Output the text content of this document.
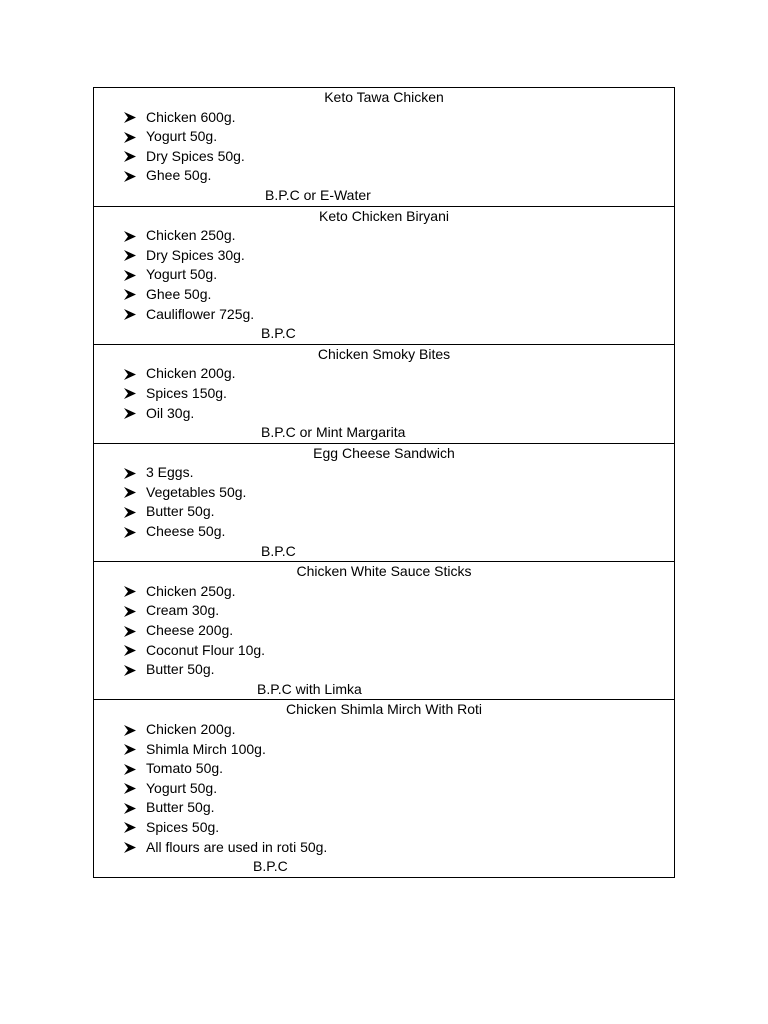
Keto Tawa Chicken
Chicken 600g.
Yogurt 50g.
Dry Spices 50g.
Ghee 50g.
B.P.C or E-Water
Keto Chicken Biryani
Chicken 250g.
Dry Spices 30g.
Yogurt 50g.
Ghee 50g.
Cauliflower 725g.
B.P.C
Chicken Smoky Bites
Chicken 200g.
Spices 150g.
Oil 30g.
B.P.C or Mint Margarita
Egg Cheese Sandwich
3 Eggs.
Vegetables 50g.
Butter 50g.
Cheese 50g.
B.P.C
Chicken White Sauce Sticks
Chicken 250g.
Cream 30g.
Cheese 200g.
Coconut Flour 10g.
Butter 50g.
B.P.C with Limka
Chicken Shimla Mirch With Roti
Chicken 200g.
Shimla Mirch 100g.
Tomato 50g.
Yogurt 50g.
Butter 50g.
Spices 50g.
All flours are used in roti 50g.
B.P.C
